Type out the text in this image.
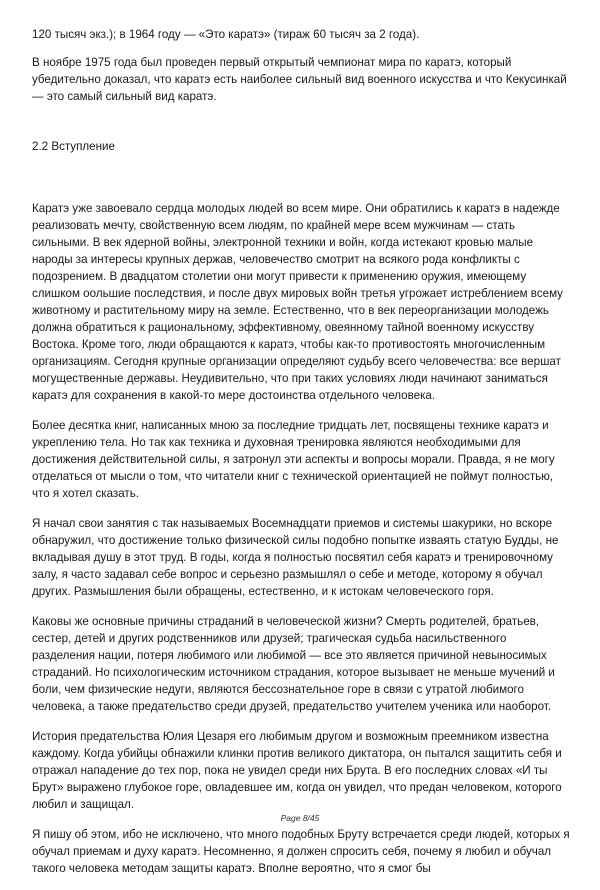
120 тысяч экз.); в 1964 году — «Это каратэ» (тираж 60 тысяч за 2 года).

В ноябре 1975 года был проведен первый открытый чемпионат мира по каратэ, который убедительно доказал, что каратэ есть наиболее сильный вид военного искусства и что Кекусинкай — это самый сильный вид каратэ.

2.2 Вступление

Каратэ уже завоевало сердца молодых людей во всем мире. Они обратились к каратэ в надежде реализовать мечту, свойственную всем людям, по крайней мере всем мужчинам — стать сильными. В век ядерной войны, электронной техники и войн, когда истекают кровью малые народы за интересы крупных держав, человечество смотрит на всякого рода конфликты с подозрением. В двадцатом столетии они могут привести к применению оружия, имеющему слишком оольшие последствия, и после двух мировых войн третья угрожает истреблением всему животному и растительному миру на земле. Естественно, что в век переорганизации молодежь должна обратиться к рациональному, эффективному, овеянному тайной военному искусству Востока. Кроме того, люди обращаются к каратэ, чтобы как-то противостоять многочисленным организациям. Сегодня крупные организации определяют судьбу всего человечества: все вершат могущественные державы. Неудивительно, что при таких условиях люди начинают заниматься каратэ для сохранения в какой-то мере достоинства отдельного человека.

Более десятка книг, написанных мною за последние тридцать лет, посвящены технике каратэ и укреплению тела. Но так как техника и духовная тренировка являются необходимыми для достижения действительной силы, я затронул эти аспекты и вопросы морали. Правда, я не могу отделаться от мысли о том, что читатели книг с технической ориентацией не поймут полностью, что я хотел сказать.

Я начал свои занятия с так называемых Восемнадцати приемов и системы шакурики, но вскоре обнаружил, что достижение только физической силы подобно попытке изваять статую Будды, не вкладывая душу в этот труд. В годы, когда я полностью посвятил себя каратэ и тренировочному залу, я часто задавал себе вопрос и серьезно размышлял о себе и методе, которому я обучал других. Размышления были обращены, естественно, и к истокам человеческого горя.

Каковы же основные причины страданий в человеческой жизни? Смерть родителей, братьев, сестер, детей и других родственников или друзей; трагическая судьба насильственного разделения нации, потеря любимого или любимой — все это является причиной невыносимых страданий. Но психологическим источником страдания, которое вызывает не меньше мучений и боли, чем физические недуги, являются бессознательное горе в связи с утратой любимого человека, а также предательство среди друзей, предательство учителем ученика или наоборот.

История предательства Юлия Цезаря его любимым другом и возможным преемником известна каждому. Когда убийцы обнажили клинки против великого диктатора, он пытался защитить себя и отражал нападение до тех пор, пока не увидел среди них Брута. В его последних словах «И ты Брут» выражено глубокое горе, овладевшее им, когда он увидел, что предан человеком, которого любил и защищал.

Я пишу об этом, ибо не исключено, что много подобных Бруту встречается среди людей, которых я обучал приемам и духу каратэ. Несомненно, я должен спросить себя, почему я любил и обучал такого человека методам защиты каратэ. Вполне вероятно, что я смог бы

Page 8/45
